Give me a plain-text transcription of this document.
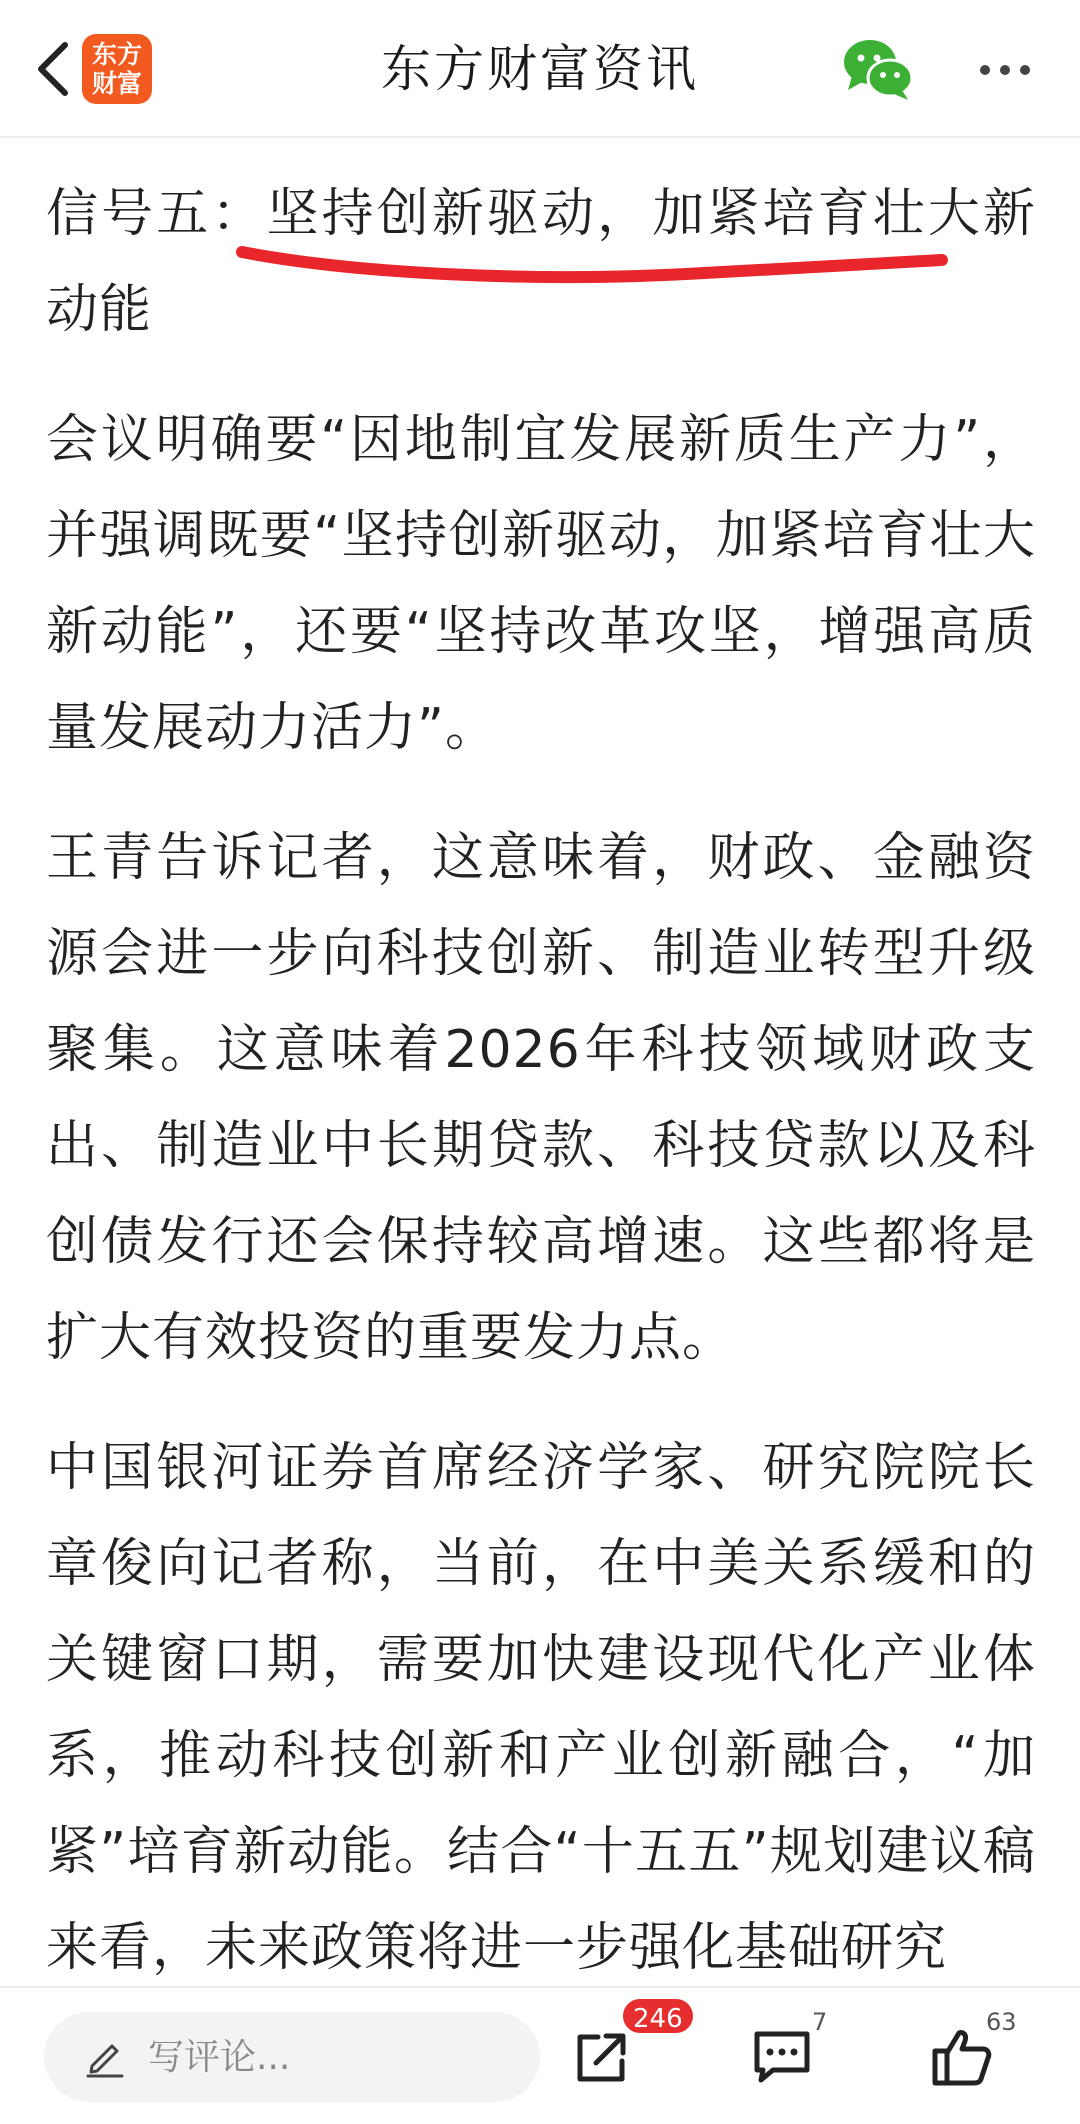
东方
财富	东方财富资讯

信号五：坚持创新驱动，加紧培育壮大新动能

会议明确要“因地制宜发展新质生产力”，并强调既要“坚持创新驱动，加紧培育壮大新动能”，还要“坚持改革攻坚，增强高质量发展动力活力”。

王青告诉记者，这意味着，财政、金融资源会进一步向科技创新、制造业转型升级聚集。这意味着2026年科技领域财政支出、制造业中长期贷款、科技贷款以及科创债发行还会保持较高增速。这些都将是扩大有效投资的重要发力点。

中国银河证券首席经济学家、研究院院长章俊向记者称，当前，在中美关系缓和的关键窗口期，需要加快建设现代化产业体系，推动科技创新和产业创新融合，“加紧”培育新动能。结合“十五五”规划建议稿来看，未来政策将进一步强化基础研究

写评论...
246	7	63
